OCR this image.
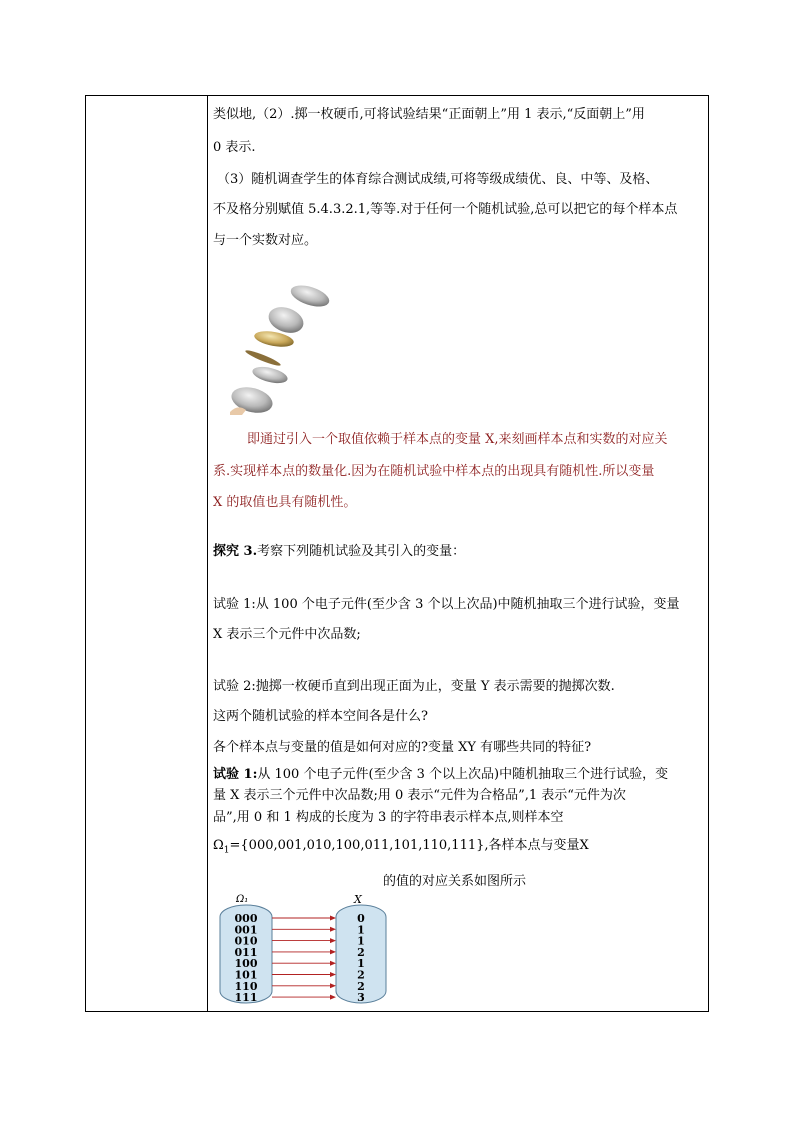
类似地,（2）.掷一枚硬币,可将试验结果“正面朝上”用 1 表示,“反面朝上”用
0 表示.
（3）随机调查学生的体育综合测试成绩,可将等级成绩优、良、中等、及格、
不及格分别赋值 5.4.3.2.1,等等.对于任何一个随机试验,总可以把它的每个样本点
与一个实数对应。
即通过引入一个取值依赖于样本点的变量 X,来刻画样本点和实数的对应关
系.实现样本点的数量化.因为在随机试验中样本点的出现具有随机性.所以变量
X 的取值也具有随机性。
探究 3.考察下列随机试验及其引入的变量：
试验 1:从 100 个电子元件(至少含 3 个以上次品)中随机抽取三个进行试验，变量
X 表示三个元件中次品数;
试验 2:抛掷一枚硬币直到出现正面为止，变量 Y 表示需要的抛掷次数.
这两个随机试验的样本空间各是什么?
各个样本点与变量的值是如何对应的?变量 XY 有哪些共同的特征?
试验 1:从 100 个电子元件(至少含 3 个以上次品)中随机抽取三个进行试验，变
量 X 表示三个元件中次品数;用 0 表示“元件为合格品”,1 表示“元件为次
品”,用 0 和 1 构成的长度为 3 的字符串表示样本点,则样本空
$\Omega_1=\{000,001,010,100,011,101,110,111\}$,各样本点与变量X
的值的对应关系如图所示
Ω₁	X
000	0
001	1
010	1
011	2
100	1
101	2
110	2
111	3
